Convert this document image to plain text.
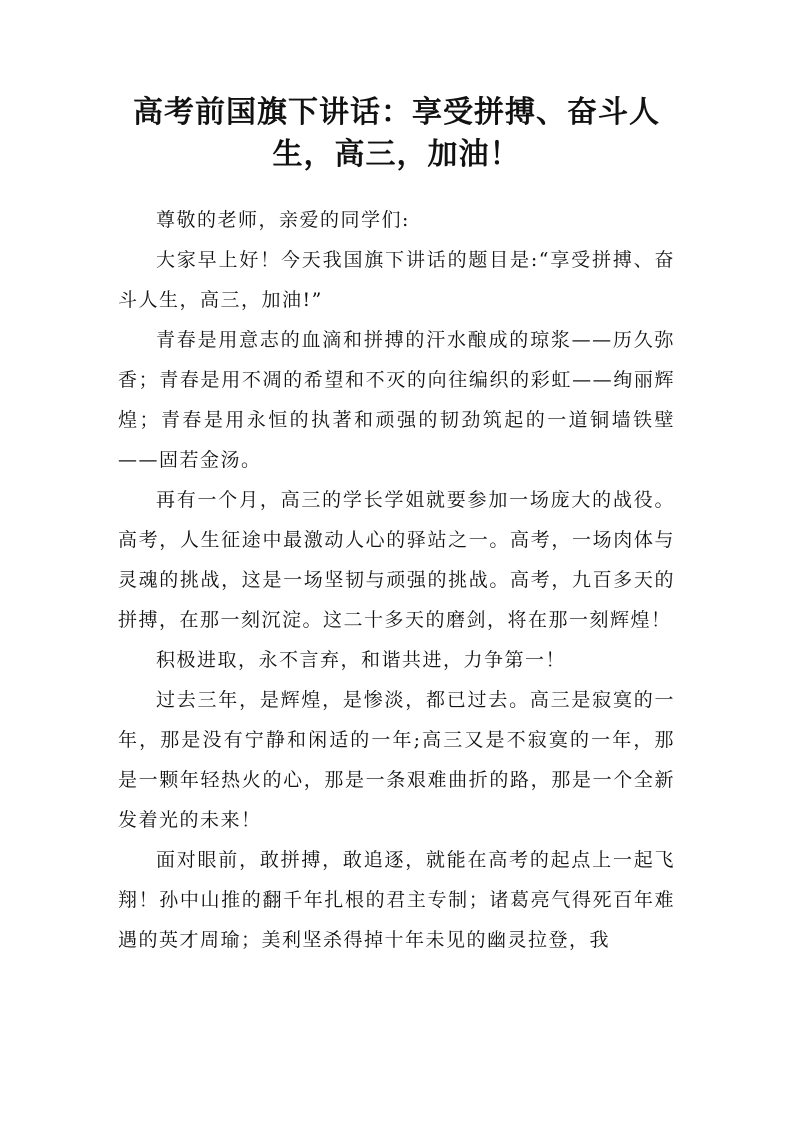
高考前国旗下讲话：享受拼搏、奋斗人生，高三，加油！

尊敬的老师，亲爱的同学们:

大家早上好！今天我国旗下讲话的题目是:“享受拼搏、奋斗人生，高三，加油!”

青春是用意志的血滴和拼搏的汗水酿成的琼浆——历久弥香；青春是用不凋的希望和不灭的向往编织的彩虹——绚丽辉煌；青春是用永恒的执著和顽强的韧劲筑起的一道铜墙铁壁——固若金汤。

再有一个月，高三的学长学姐就要参加一场庞大的战役。高考，人生征途中最激动人心的驿站之一。高考，一场肉体与灵魂的挑战，这是一场坚韧与顽强的挑战。高考，九百多天的拼搏，在那一刻沉淀。这二十多天的磨剑，将在那一刻辉煌！

积极进取，永不言弃，和谐共进，力争第一！

过去三年，是辉煌，是惨淡，都已过去。高三是寂寞的一年，那是没有宁静和闲适的一年;高三又是不寂寞的一年，那是一颗年轻热火的心，那是一条艰难曲折的路，那是一个全新发着光的未来！

面对眼前，敢拼搏，敢追逐，就能在高考的起点上一起飞翔！孙中山推的翻千年扎根的君主专制；诸葛亮气得死百年难遇的英才周瑜；美利坚杀得掉十年未见的幽灵拉登，我
